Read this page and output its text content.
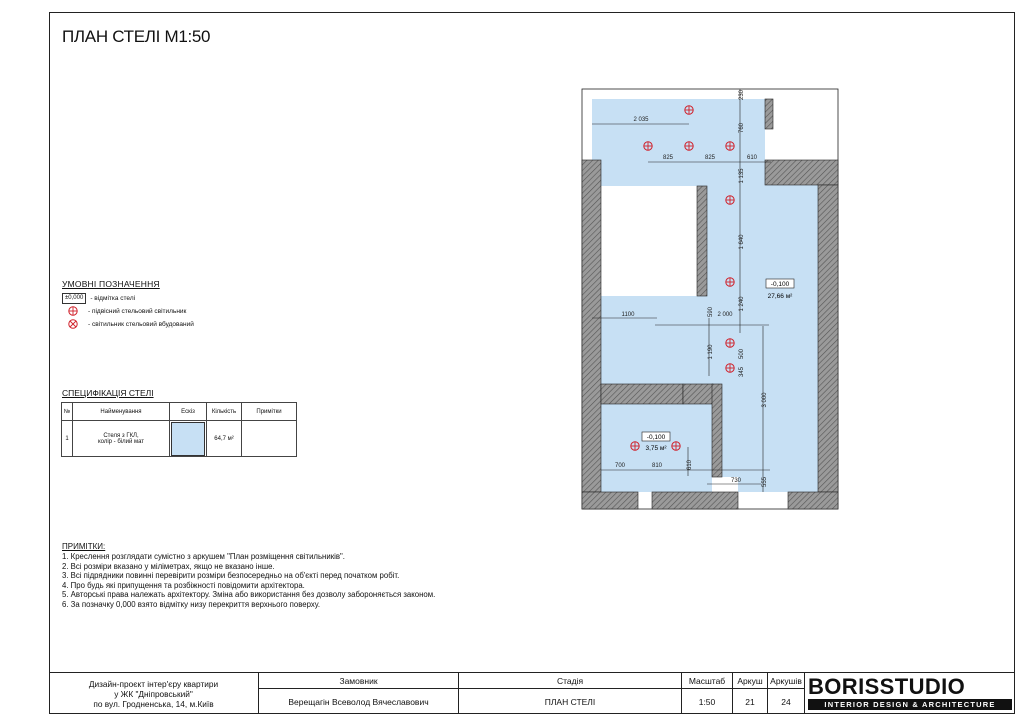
ПЛАН СТЕЛІ М1:50
-0,100
27,66 м²
-0,100
3,75 м²
2 035
825	825	610
230
760
1 135
1 640
1 240
1100	590 2 000
1 190	500
345
3 000
700	810	610
730	555
УМОВНІ ПОЗНАЧЕННЯ
±0,000	- відмітка стелі
- підвісний стельовий світильник
- світильник стельовий вбудований
СПЕЦИФІКАЦІЯ СТЕЛІ
№	Найменування	Ескіз	Кількість	Примітки
1	Стеля з ГКЛ,
колір - білий мат		64,7 м²	
ПРИМІТКИ:
1. Креслення розглядати сумістно з аркушем "План розміщення світильників".
2. Всі розміри вказано у міліметрах, якщо не вказано інше.
3. Всі підрядники повинні перевірити розміри безпосередньо на об'єкті перед початком робіт.
4. Про будь які припущення та розбіжності повідомити архітектора.
5. Авторські права належать архітектору. Зміна або використання без дозволу забороняється законом.
6. За позначку 0,000 взято відмітку низу перекриття верхнього поверху.
Дизайн-проєкт інтер'єру квартири
у ЖК "Дніпровський"
по вул. Гродненська, 14, м.Київ
Замовник
Верещагін Всеволод Вячеславович
Стадія
ПЛАН СТЕЛІ
Масштаб
1:50
Аркуш
21
Аркушів
24
BORISSTUDIO
INTERIOR DESIGN & ARCHITECTURE
